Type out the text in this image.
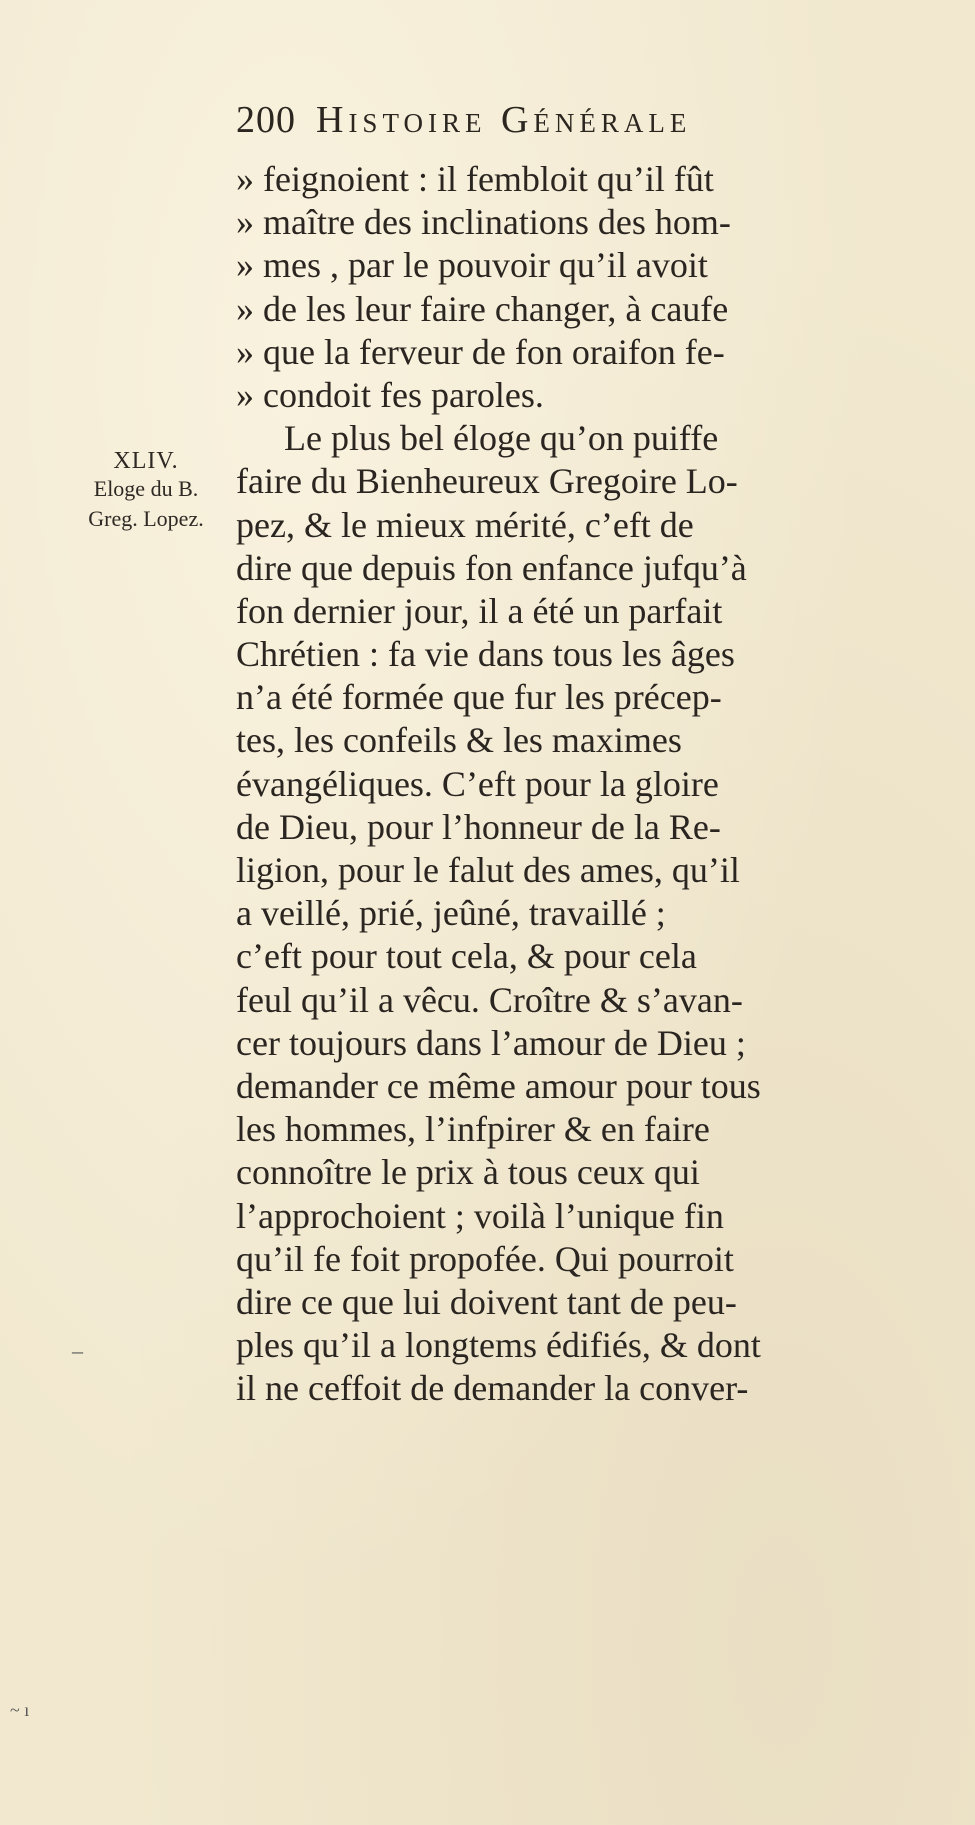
200 Histoire Générale
XLIV.
Eloge du B.
Greg. Lopez.
» feignoient : il fembloit qu’il fût
» maître des inclinations des hom-
» mes , par le pouvoir qu’il avoit
» de les leur faire changer, à caufe
» que la ferveur de fon oraifon fe-
» condoit fes paroles.
Le plus bel éloge qu’on puiffe
faire du Bienheureux Gregoire Lo-
pez, & le mieux mérité, c’eft de
dire que depuis fon enfance jufqu’à
fon dernier jour, il a été un parfait
Chrétien : fa vie dans tous les âges
n’a été formée que fur les précep-
tes, les confeils & les maximes
évangéliques. C’eft pour la gloire
de Dieu, pour l’honneur de la Re-
ligion, pour le falut des ames, qu’il
a veillé, prié, jeûné, travaillé ;
c’eft pour tout cela, & pour cela
feul qu’il a vêcu. Croître & s’avan-
cer toujours dans l’amour de Dieu ;
demander ce même amour pour tous
les hommes, l’infpirer & en faire
connoître le prix à tous ceux qui
l’approchoient ; voilà l’unique fin
qu’il fe foit propofée. Qui pourroit
dire ce que lui doivent tant de peu-
ples qu’il a longtems édifiés, & dont
il ne ceffoit de demander la conver-
–
~ ı
